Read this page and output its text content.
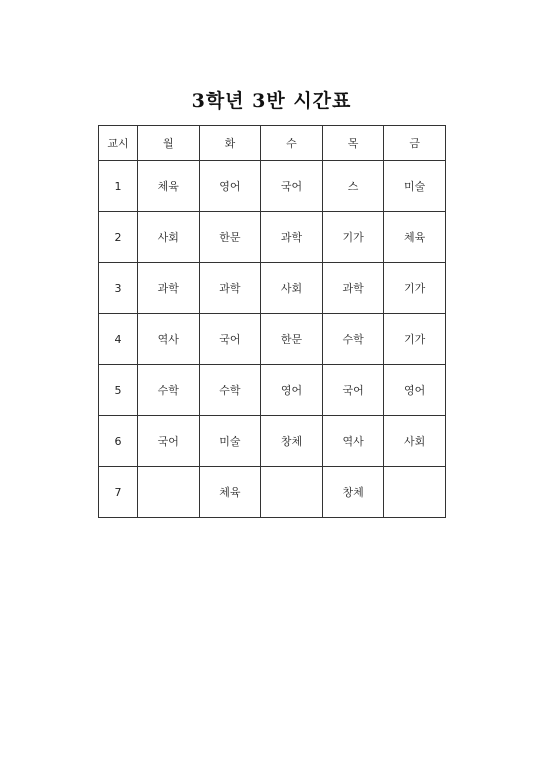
3학년 3반 시간표
교시	월	화	수	목	금
1	체육	영어	국어	스	미술
2	사회	한문	과학	기가	체육
3	과학	과학	사회	과학	기가
4	역사	국어	한문	수학	기가
5	수학	수학	영어	국어	영어
6	국어	미술	창체	역사	사회
7		체육		창체	
